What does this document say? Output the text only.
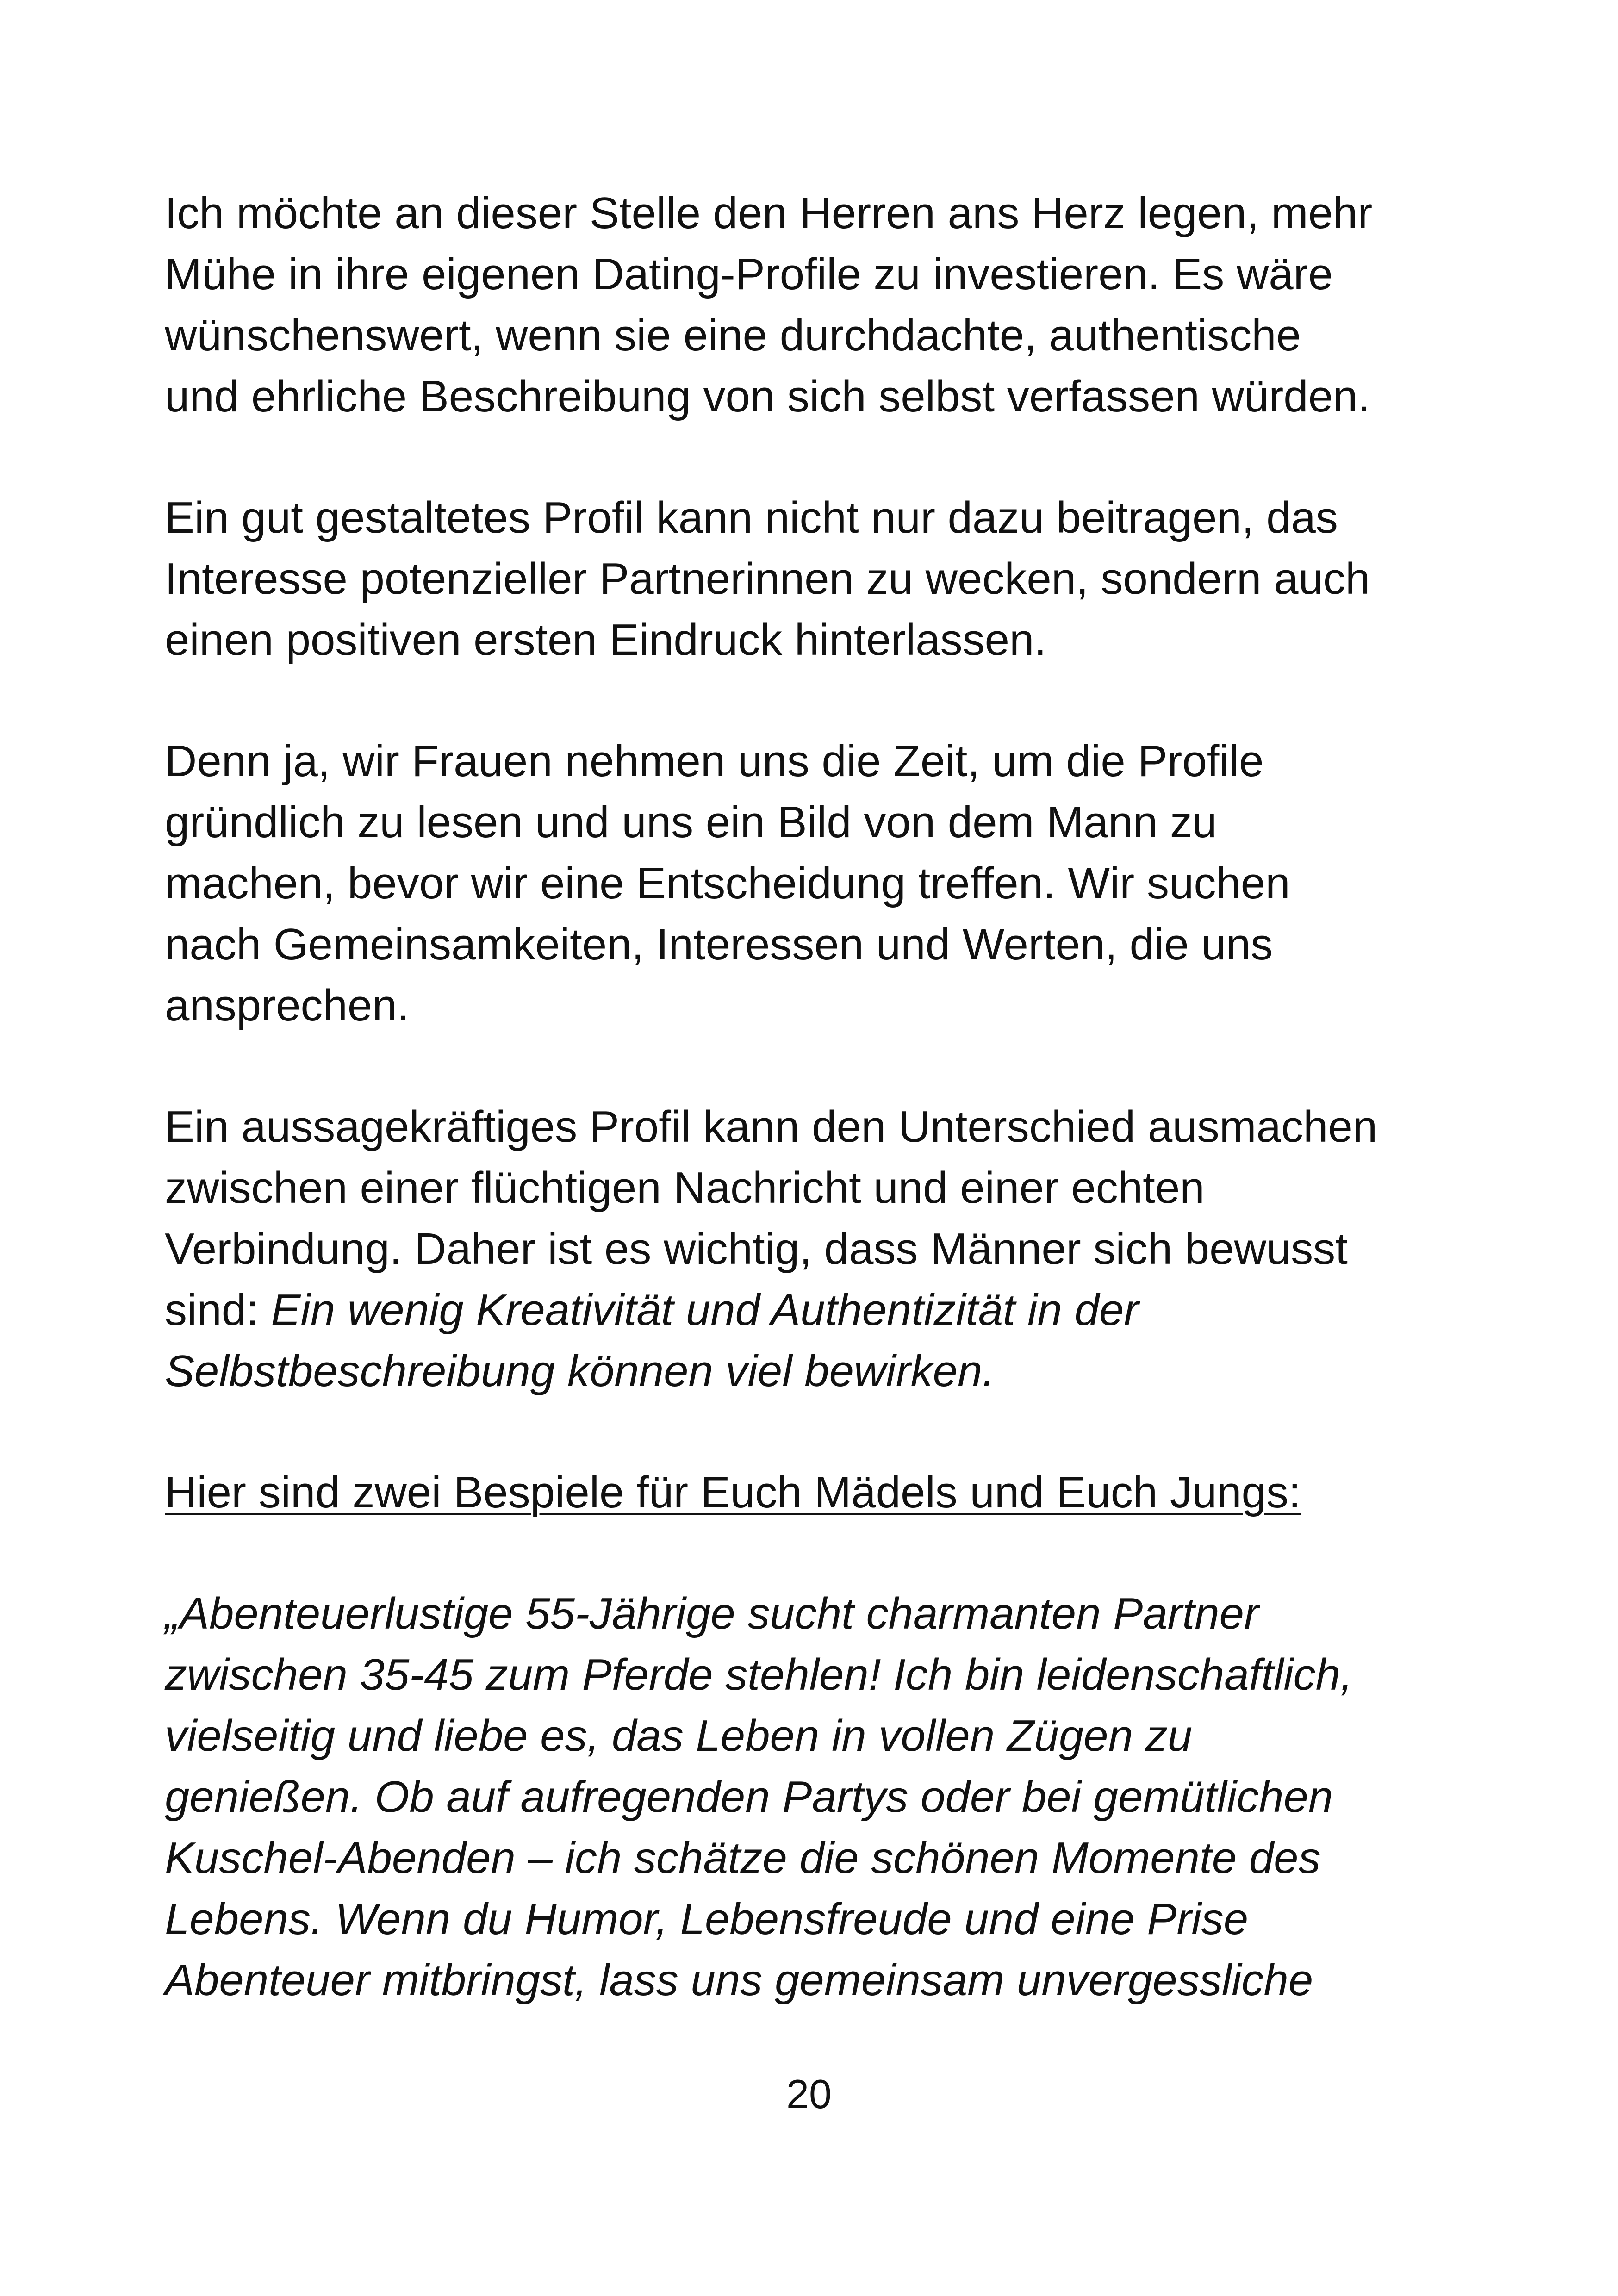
Ich möchte an dieser Stelle den Herren ans Herz legen, mehr
Mühe in ihre eigenen Dating-Profile zu investieren. Es wäre
wünschenswert, wenn sie eine durchdachte, authentische
und ehrliche Beschreibung von sich selbst verfassen würden.
Ein gut gestaltetes Profil kann nicht nur dazu beitragen, das
Interesse potenzieller Partnerinnen zu wecken, sondern auch
einen positiven ersten Eindruck hinterlassen.
Denn ja, wir Frauen nehmen uns die Zeit, um die Profile
gründlich zu lesen und uns ein Bild von dem Mann zu
machen, bevor wir eine Entscheidung treffen. Wir suchen
nach Gemeinsamkeiten, Interessen und Werten, die uns
ansprechen.
Ein aussagekräftiges Profil kann den Unterschied ausmachen
zwischen einer flüchtigen Nachricht und einer echten
Verbindung. Daher ist es wichtig, dass Männer sich bewusst
sind: Ein wenig Kreativität und Authentizität in der
Selbstbeschreibung können viel bewirken.
Hier sind zwei Bespiele für Euch Mädels und Euch Jungs:
„Abenteuerlustige 55-Jährige sucht charmanten Partner
zwischen 35-45 zum Pferde stehlen! Ich bin leidenschaftlich,
vielseitig und liebe es, das Leben in vollen Zügen zu
genießen. Ob auf aufregenden Partys oder bei gemütlichen
Kuschel-Abenden – ich schätze die schönen Momente des
Lebens. Wenn du Humor, Lebensfreude und eine Prise
Abenteuer mitbringst, lass uns gemeinsam unvergessliche
20
